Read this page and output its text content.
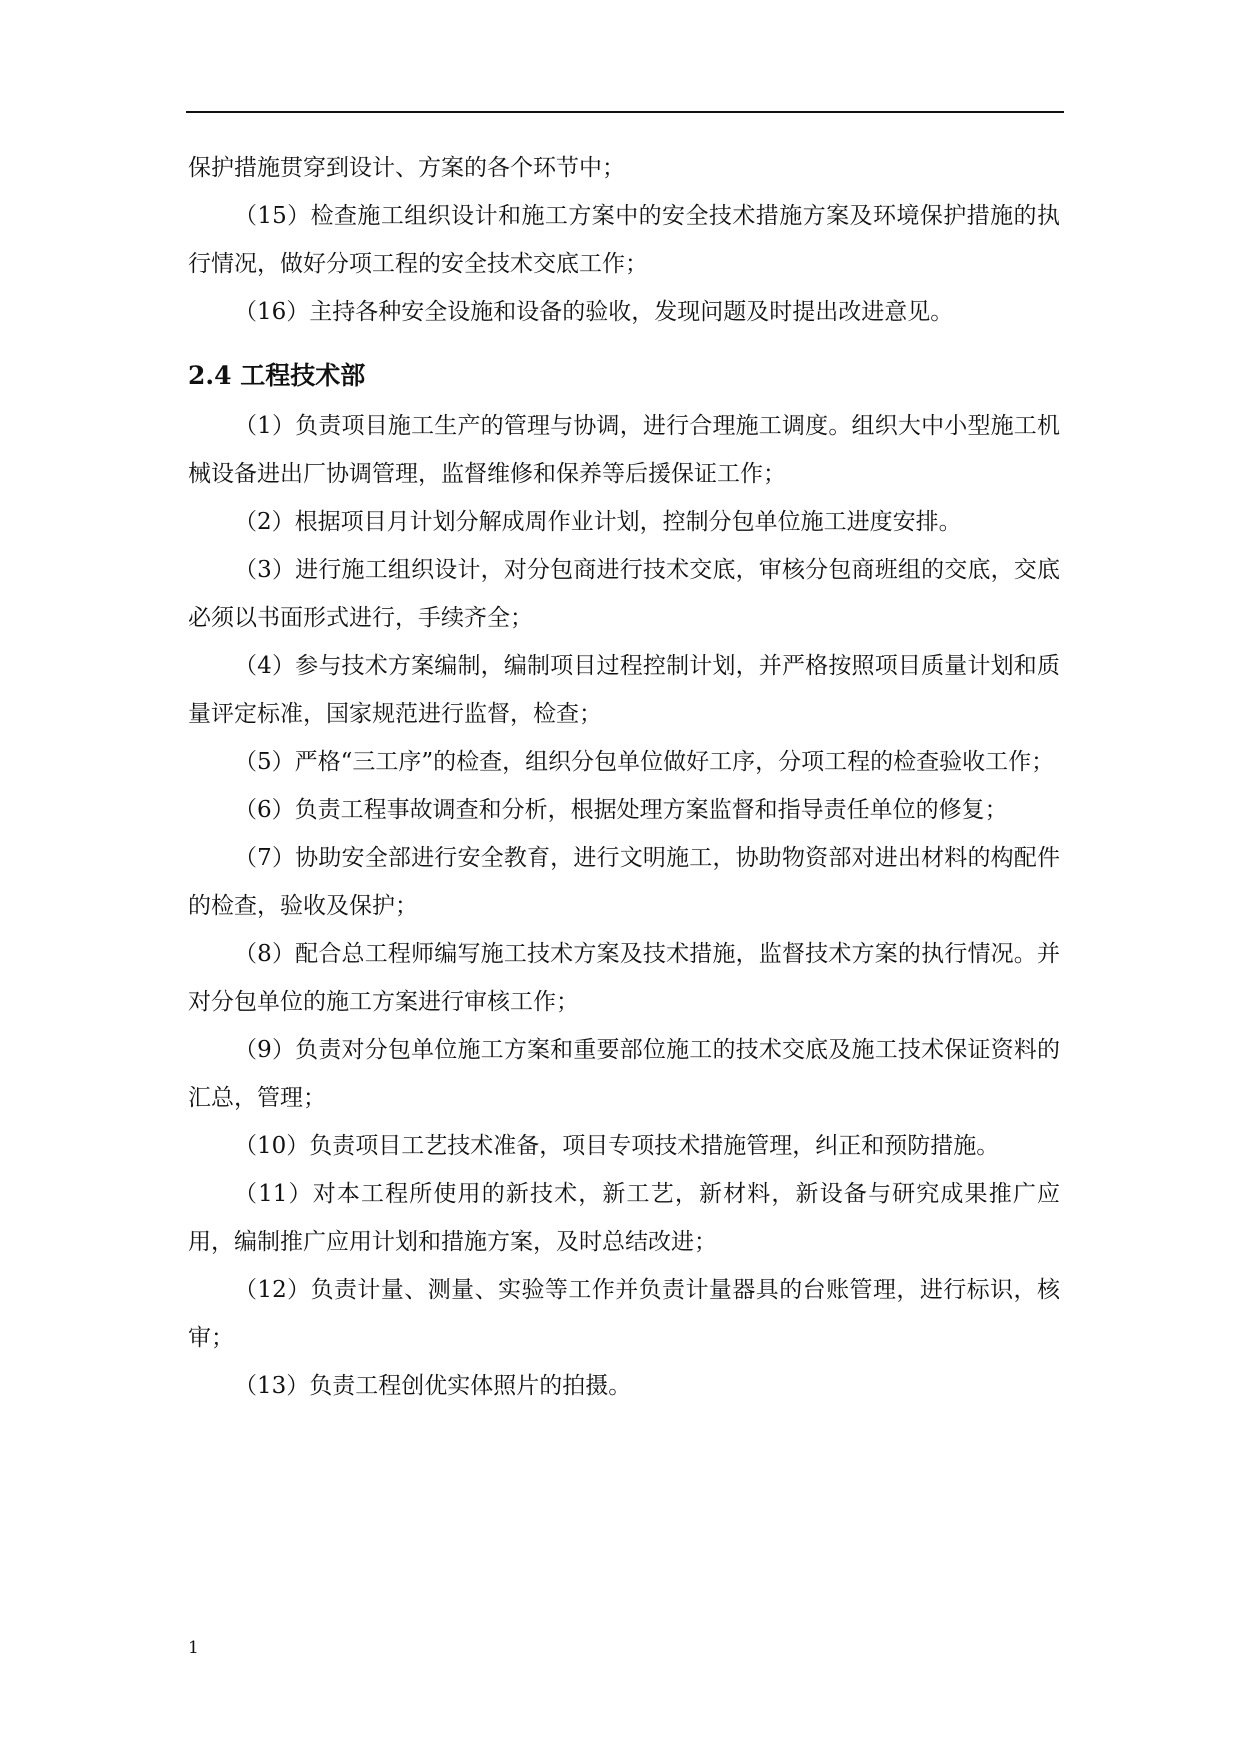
保护措施贯穿到设计、方案的各个环节中；

（15）检查施工组织设计和施工方案中的安全技术措施方案及环境保护措施的执行情况，做好分项工程的安全技术交底工作；

（16）主持各种安全设施和设备的验收，发现问题及时提出改进意见。

2.4 工程技术部

（1）负责项目施工生产的管理与协调，进行合理施工调度。组织大中小型施工机械设备进出厂协调管理，监督维修和保养等后援保证工作；

（2）根据项目月计划分解成周作业计划，控制分包单位施工进度安排。

（3）进行施工组织设计，对分包商进行技术交底，审核分包商班组的交底，交底必须以书面形式进行，手续齐全；

（4）参与技术方案编制，编制项目过程控制计划，并严格按照项目质量计划和质量评定标准，国家规范进行监督，检查；

（5）严格“三工序”的检查，组织分包单位做好工序，分项工程的检查验收工作；

（6）负责工程事故调查和分析，根据处理方案监督和指导责任单位的修复；

（7）协助安全部进行安全教育，进行文明施工，协助物资部对进出材料的构配件的检查，验收及保护；

（8）配合总工程师编写施工技术方案及技术措施，监督技术方案的执行情况。并对分包单位的施工方案进行审核工作；

（9）负责对分包单位施工方案和重要部位施工的技术交底及施工技术保证资料的汇总，管理；

（10）负责项目工艺技术准备，项目专项技术措施管理，纠正和预防措施。

（11）对本工程所使用的新技术，新工艺，新材料，新设备与研究成果推广应用，编制推广应用计划和措施方案，及时总结改进；

（12）负责计量、测量、实验等工作并负责计量器具的台账管理，进行标识，核审；

（13）负责工程创优实体照片的拍摄。

1
